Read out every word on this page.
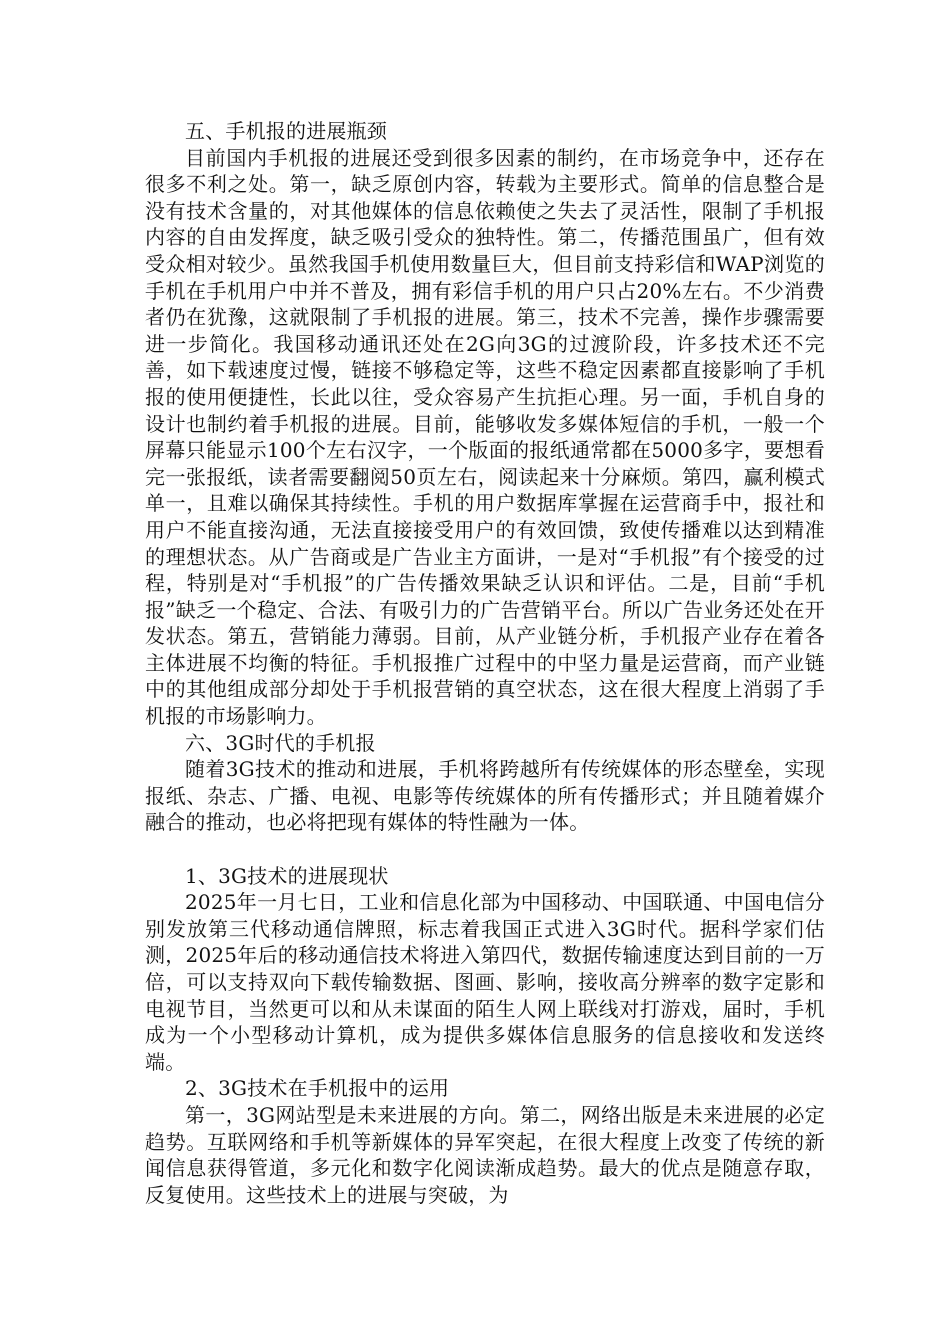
五、手机报的进展瓶颈

目前国内手机报的进展还受到很多因素的制约，在市场竞争中，还存在很多不利之处。第一，缺乏原创内容，转载为主要形式。简单的信息整合是没有技术含量的，对其他媒体的信息依赖使之失去了灵活性，限制了手机报内容的自由发挥度，缺乏吸引受众的独特性。第二，传播范围虽广，但有效受众相对较少。虽然我国手机使用数量巨大，但目前支持彩信和WAP浏览的手机在手机用户中并不普及，拥有彩信手机的用户只占20%左右。不少消费者仍在犹豫，这就限制了手机报的进展。第三，技术不完善，操作步骤需要进一步简化。我国移动通讯还处在2G向3G的过渡阶段，许多技术还不完善，如下载速度过慢，链接不够稳定等，这些不稳定因素都直接影响了手机报的使用便捷性，长此以往，受众容易产生抗拒心理。另一面，手机自身的设计也制约着手机报的进展。目前，能够收发多媒体短信的手机，一般一个屏幕只能显示100个左右汉字，一个版面的报纸通常都在5000多字，要想看完一张报纸，读者需要翻阅50页左右，阅读起来十分麻烦。第四，赢利模式单一，且难以确保其持续性。手机的用户数据库掌握在运营商手中，报社和用户不能直接沟通，无法直接接受用户的有效回馈，致使传播难以达到精准的理想状态。从广告商或是广告业主方面讲，一是对“手机报”有个接受的过程，特别是对“手机报”的广告传播效果缺乏认识和评估。二是，目前“手机报”缺乏一个稳定、合法、有吸引力的广告营销平台。所以广告业务还处在开发状态。第五，营销能力薄弱。目前，从产业链分析，手机报产业存在着各主体进展不均衡的特征。手机报推广过程中的中坚力量是运营商，而产业链中的其他组成部分却处于手机报营销的真空状态，这在很大程度上消弱了手机报的市场影响力。

六、3G时代的手机报

随着3G技术的推动和进展，手机将跨越所有传统媒体的形态壁垒，实现报纸、杂志、广播、电视、电影等传统媒体的所有传播形式；并且随着媒介融合的推动，也必将把现有媒体的特性融为一体。

1、3G技术的进展现状

2025年一月七日，工业和信息化部为中国移动、中国联通、中国电信分别发放第三代移动通信牌照，标志着我国正式进入3G时代。据科学家们估测，2025年后的移动通信技术将进入第四代，数据传输速度达到目前的一万倍，可以支持双向下载传输数据、图画、影响，接收高分辨率的数字定影和电视节目，当然更可以和从未谋面的陌生人网上联线对打游戏，届时，手机成为一个小型移动计算机，成为提供多媒体信息服务的信息接收和发送终端。

2、3G技术在手机报中的运用

第一，3G网站型是未来进展的方向。第二，网络出版是未来进展的必定趋势。互联网络和手机等新媒体的异军突起，在很大程度上改变了传统的新闻信息获得管道，多元化和数字化阅读渐成趋势。最大的优点是随意存取，反复使用。这些技术上的进展与突破，为
